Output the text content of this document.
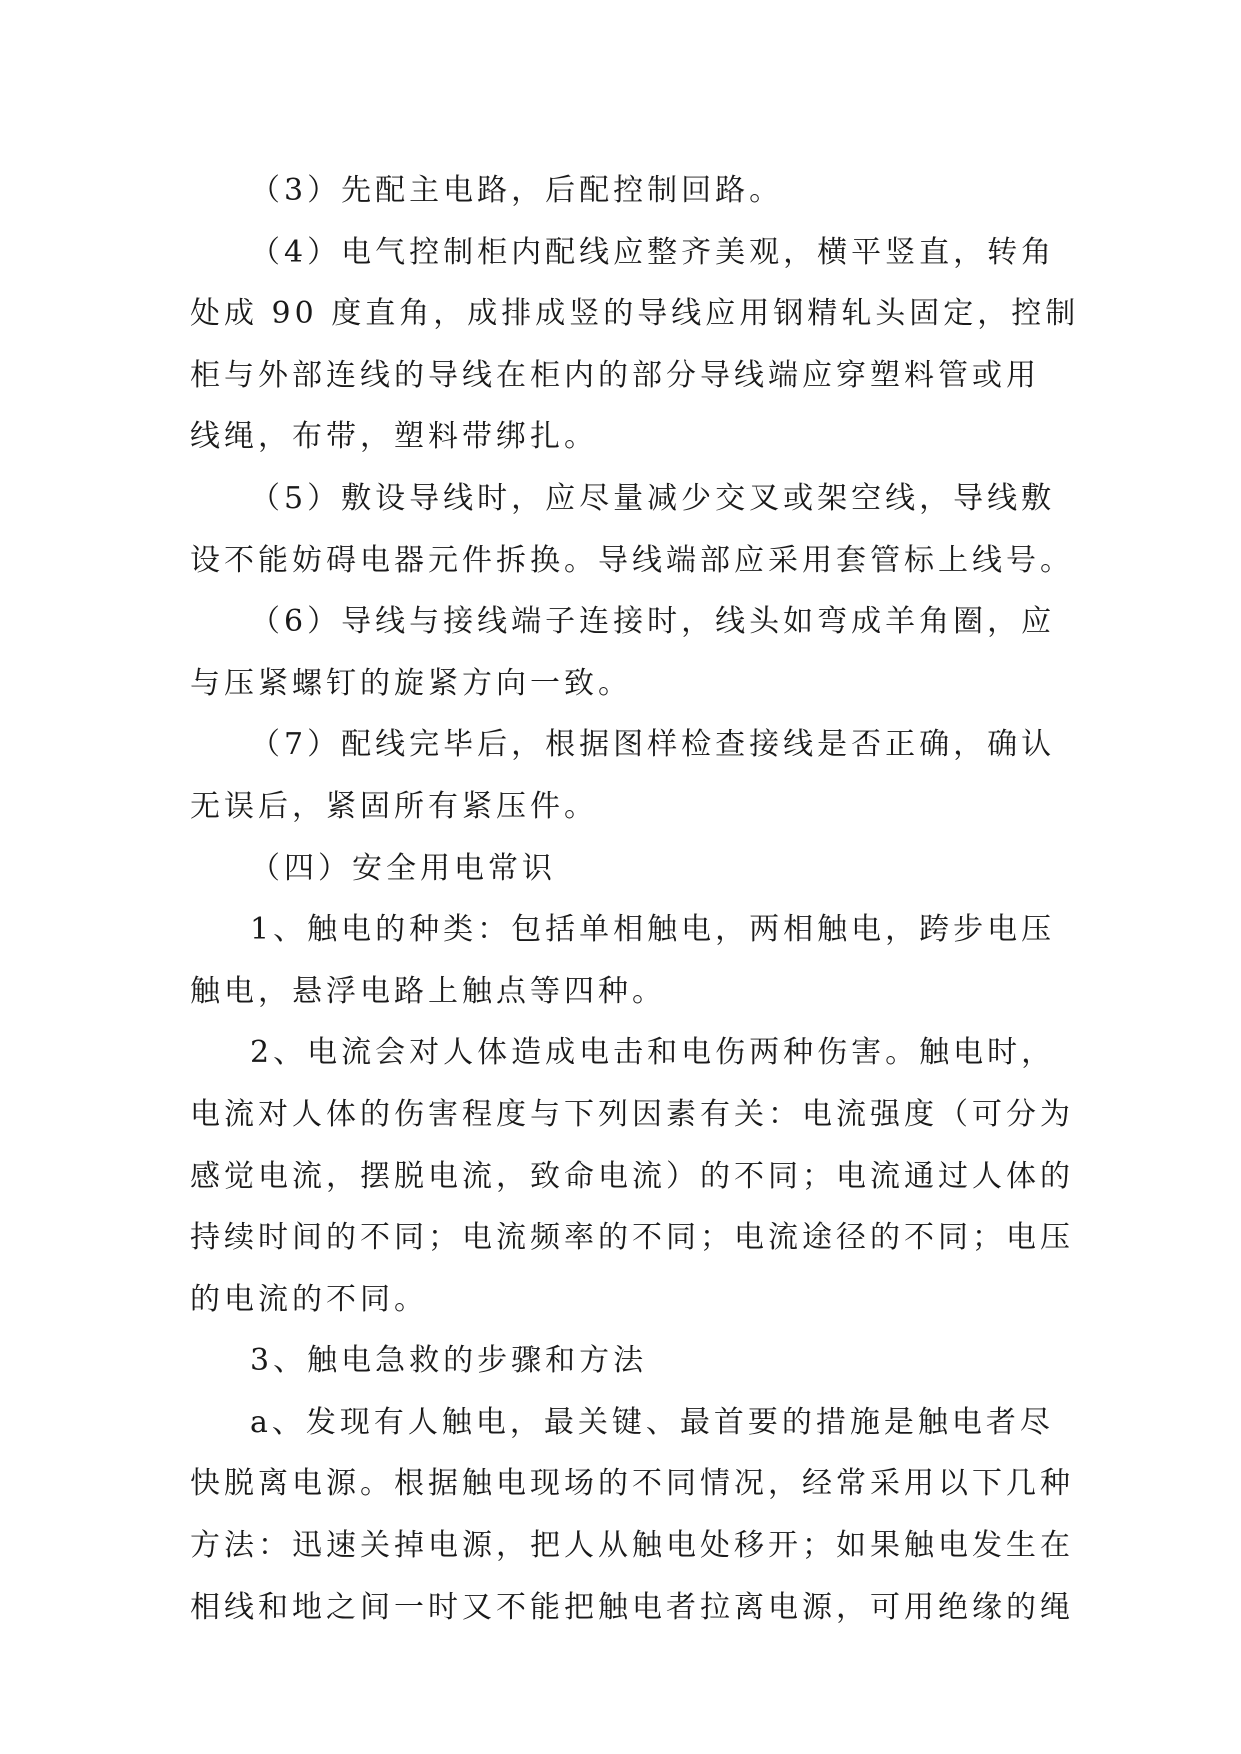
（3）先配主电路，后配控制回路。

（4）电气控制柜内配线应整齐美观，横平竖直，转角
处成 90 度直角，成排成竖的导线应用钢精轧头固定，控制
柜与外部连线的导线在柜内的部分导线端应穿塑料管或用
线绳，布带，塑料带绑扎。

（5）敷设导线时，应尽量减少交叉或架空线，导线敷
设不能妨碍电器元件拆换。导线端部应采用套管标上线号。

（6）导线与接线端子连接时，线头如弯成羊角圈，应
与压紧螺钉的旋紧方向一致。

（7）配线完毕后，根据图样检查接线是否正确，确认
无误后，紧固所有紧压件。

（四）安全用电常识

1、触电的种类：包括单相触电，两相触电，跨步电压
触电，悬浮电路上触点等四种。

2、电流会对人体造成电击和电伤两种伤害。触电时，
电流对人体的伤害程度与下列因素有关：电流强度（可分为
感觉电流，摆脱电流，致命电流）的不同；电流通过人体的
持续时间的不同；电流频率的不同；电流途径的不同；电压
的电流的不同。

3、触电急救的步骤和方法

a、发现有人触电，最关键、最首要的措施是触电者尽
快脱离电源。根据触电现场的不同情况，经常采用以下几种
方法：迅速关掉电源，把人从触电处移开；如果触电发生在
相线和地之间一时又不能把触电者拉离电源，可用绝缘的绳
